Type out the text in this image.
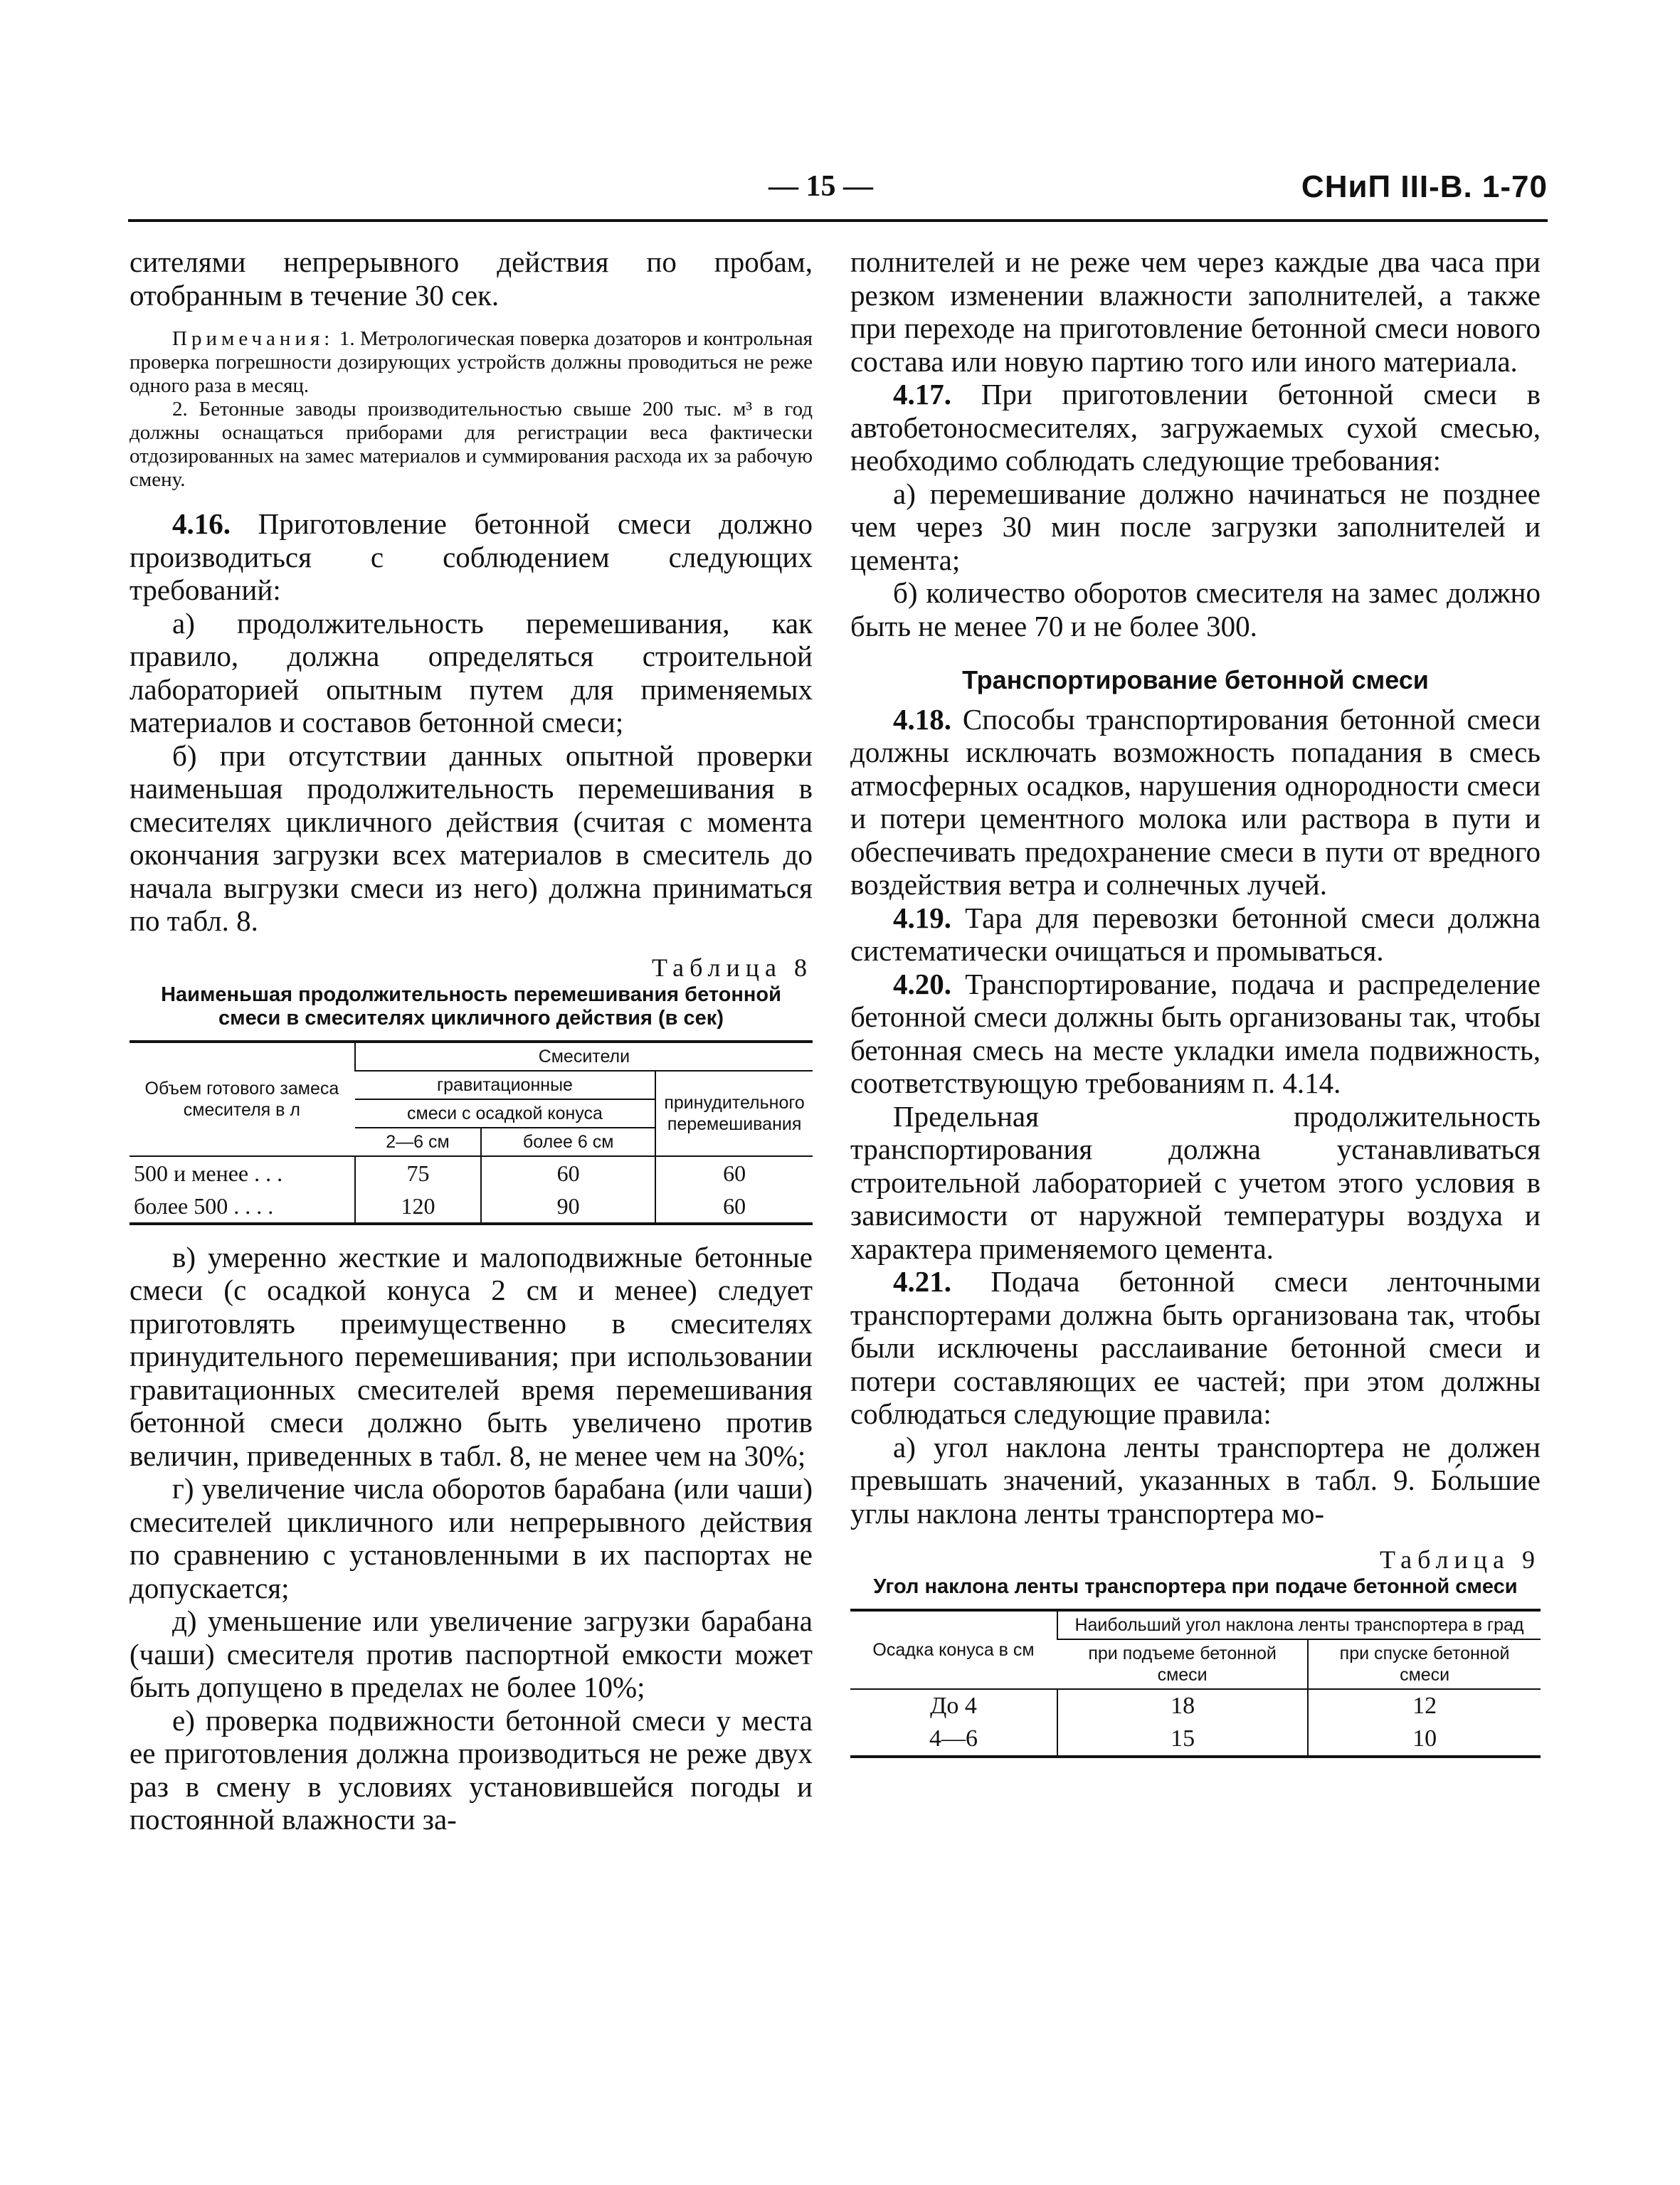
— 15 —	СНиП III-В. 1-70

сителями непрерывного действия по пробам, отобранным в течение 30 сек.

Примечания: 1. Метрологическая поверка дозаторов и контрольная проверка погрешности дозирующих устройств должны проводиться не реже одного раза в месяц.

2. Бетонные заводы производительностью свыше 200 тыс. м³ в год должны оснащаться приборами для регистрации веса фактически отдозированных на замес материалов и суммирования расхода их за рабочую смену.

4.16. Приготовление бетонной смеси должно производиться с соблюдением следующих требований:

а) продолжительность перемешивания, как правило, должна определяться строительной лабораторией опытным путем для применяемых материалов и составов бетонной смеси;

б) при отсутствии данных опытной проверки наименьшая продолжительность перемешивания в смесителях цикличного действия (считая с момента окончания загрузки всех материалов в смеситель до начала выгрузки смеси из него) должна приниматься по табл. 8.

Таблица 8
Наименьшая продолжительность перемешивания бетонной смеси в смесителях цикличного действия (в сек)
Объем готового замеса смесителя в л	Смесители		
	гравитационные		принудительного перемешивания
	смеси с осадкой конуса		
	2—6 см	более 6 см	
500 и менее . . .	75	60	60
более 500 . . . .	120	90	60

в) умеренно жесткие и малоподвижные бетонные смеси (с осадкой конуса 2 см и менее) следует приготовлять преимущественно в смесителях принудительного перемешивания; при использовании гравитационных смесителей время перемешивания бетонной смеси должно быть увеличено против величин, приведенных в табл. 8, не менее чем на 30%;

г) увеличение числа оборотов барабана (или чаши) смесителей цикличного или непрерывного действия по сравнению с установленными в их паспортах не допускается;

д) уменьшение или увеличение загрузки барабана (чаши) смесителя против паспортной емкости может быть допущено в пределах не более 10%;

е) проверка подвижности бетонной смеси у места ее приготовления должна производиться не реже двух раз в смену в условиях установившейся погоды и постоянной влажности за-

полнителей и не реже чем через каждые два часа при резком изменении влажности заполнителей, а также при переходе на приготовление бетонной смеси нового состава или новую партию того или иного материала.

4.17. При приготовлении бетонной смеси в автобетоносмесителях, загружаемых сухой смесью, необходимо соблюдать следующие требования:

а) перемешивание должно начинаться не позднее чем через 30 мин после загрузки заполнителей и цемента;

б) количество оборотов смесителя на замес должно быть не менее 70 и не более 300.

Транспортирование бетонной смеси

4.18. Способы транспортирования бетонной смеси должны исключать возможность попадания в смесь атмосферных осадков, нарушения однородности смеси и потери цементного молока или раствора в пути и обеспечивать предохранение смеси в пути от вредного воздействия ветра и солнечных лучей.

4.19. Тара для перевозки бетонной смеси должна систематически очищаться и промываться.

4.20. Транспортирование, подача и распределение бетонной смеси должны быть организованы так, чтобы бетонная смесь на месте укладки имела подвижность, соответствующую требованиям п. 4.14.

Предельная продолжительность транспортирования должна устанавливаться строительной лабораторией с учетом этого условия в зависимости от наружной температуры воздуха и характера применяемого цемента.

4.21. Подача бетонной смеси ленточными транспортерами должна быть организована так, чтобы были исключены расслаивание бетонной смеси и потери составляющих ее частей; при этом должны соблюдаться следующие правила:

а) угол наклона ленты транспортера не должен превышать значений, указанных в табл. 9. Бо́льшие углы наклона ленты транспортера мо-

Таблица 9
Угол наклона ленты транспортера при подаче бетонной смеси
Осадка конуса в см	Наибольший угол наклона ленты транспортера в град	
	при подъеме бетонной смеси	при спуске бетонной смеси
До 4	18	12
4—6	15	10
